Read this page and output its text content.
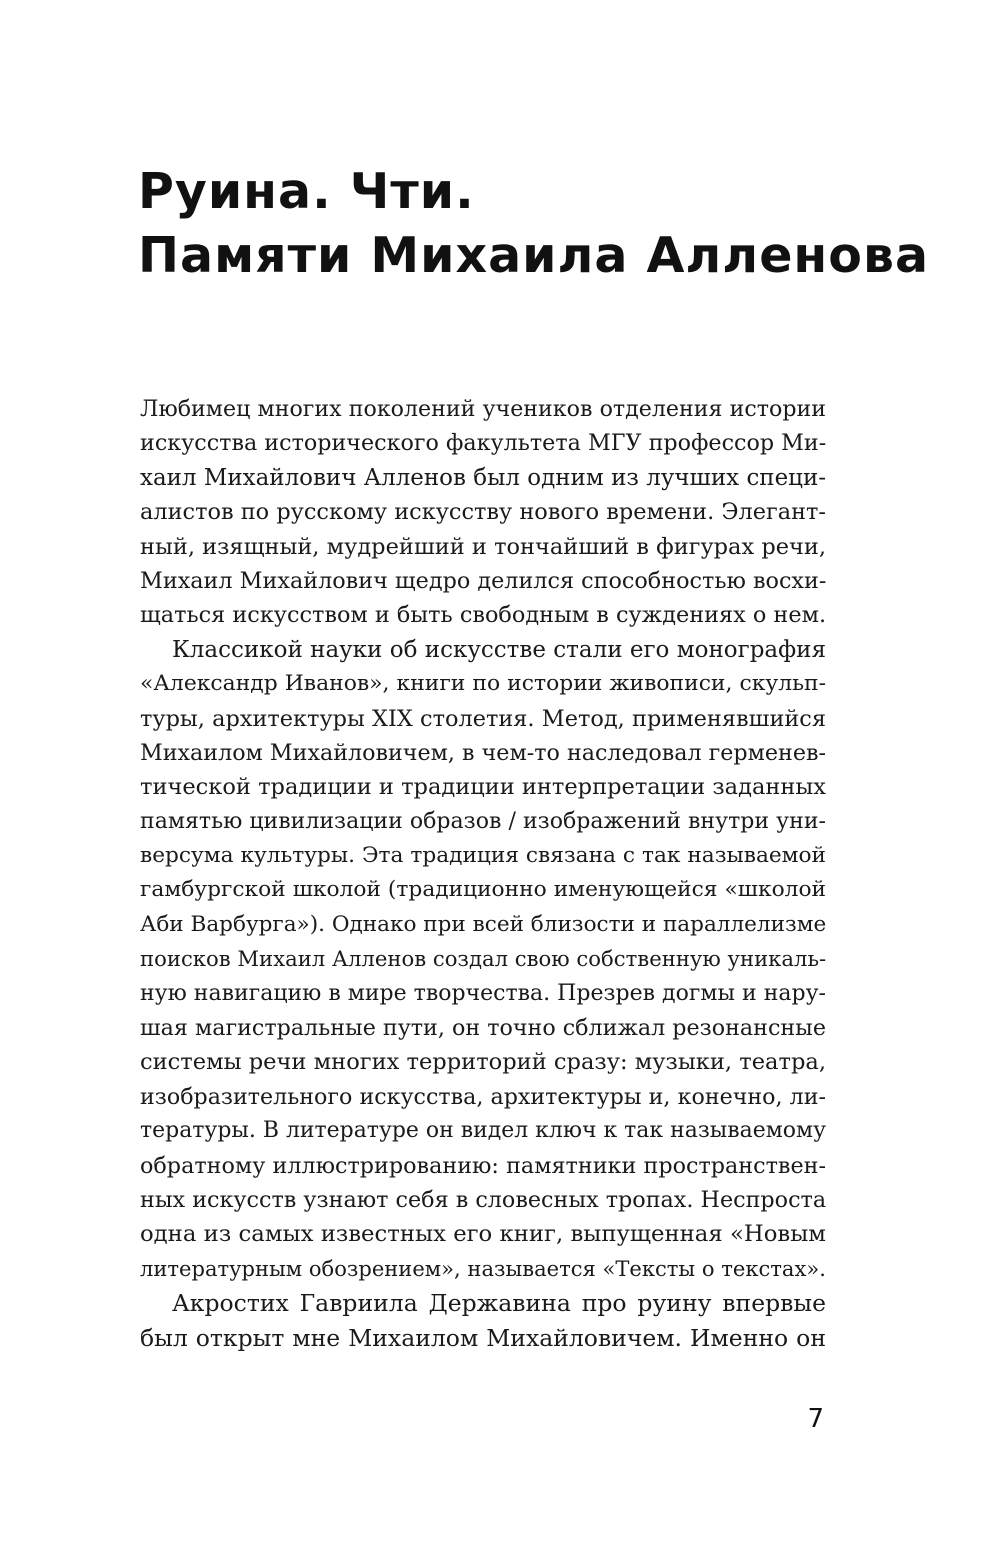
Руина. Чти.
Памяти Михаила Алленова
Любимец многих поколений учеников отделения истории
искусства исторического факультета МГУ профессор Ми-
хаил Михайлович Алленов был одним из лучших специ-
алистов по русскому искусству нового времени. Элегант-
ный, изящный, мудрейший и тончайший в фигурах речи,
Михаил Михайлович щедро делился способностью восхи-
щаться искусством и быть свободным в суждениях о нем.
Классикой науки об искусстве стали его монография
«Александр Иванов», книги по истории живописи, скульп-
туры, архитектуры XIX столетия. Метод, применявшийся
Михаилом Михайловичем, в чем-то наследовал герменев-
тической традиции и традиции интерпретации заданных
памятью цивилизации образов / изображений внутри уни-
версума культуры. Эта традиция связана с так называемой
гамбургской школой (традиционно именующейся «школой
Аби Варбурга»). Однако при всей близости и параллелизме
поисков Михаил Алленов создал свою собственную уникаль-
ную навигацию в мире творчества. Презрев догмы и нару-
шая магистральные пути, он точно сближал резонансные
системы речи многих территорий сразу: музыки, театра,
изобразительного искусства, архитектуры и, конечно, ли-
тературы. В литературе он видел ключ к так называемому
обратному иллюстрированию: памятники пространствен-
ных искусств узнают себя в словесных тропах. Неспроста
одна из самых известных его книг, выпущенная «Новым
литературным обозрением», называется «Тексты о текстах».
Акростих Гавриила Державина про руину впервые
был открыт мне Михаилом Михайловичем. Именно он
7
